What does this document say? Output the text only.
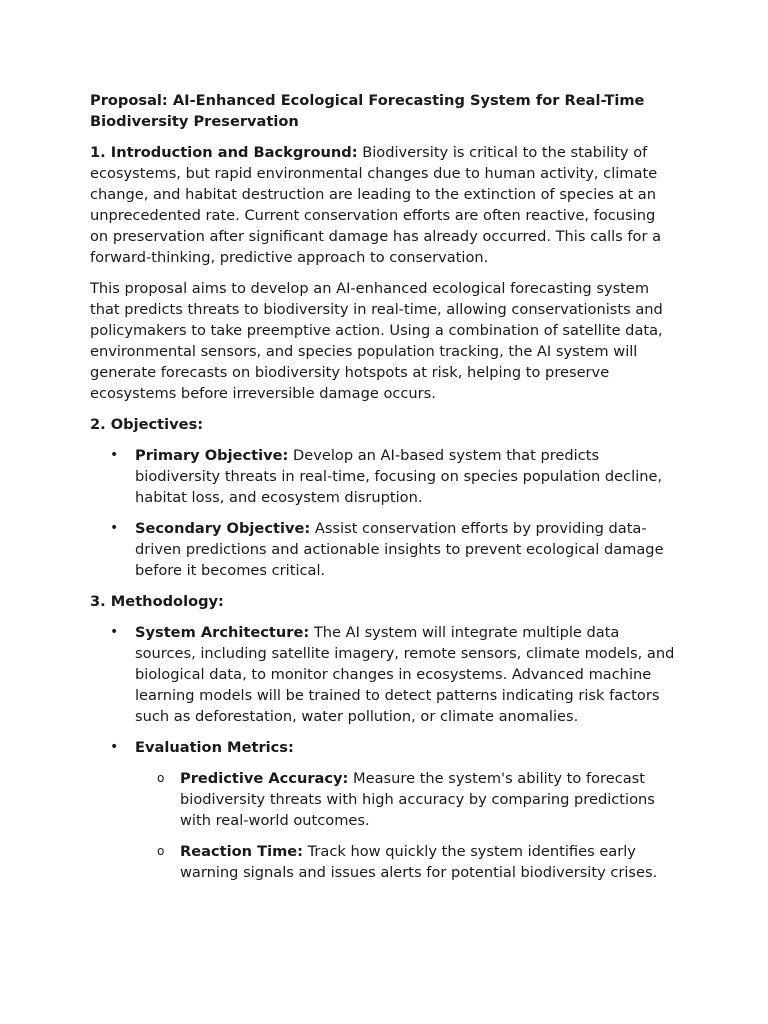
Proposal: AI-Enhanced Ecological Forecasting System for Real-Time Biodiversity Preservation

1. Introduction and Background: Biodiversity is critical to the stability of ecosystems, but rapid environmental changes due to human activity, climate change, and habitat destruction are leading to the extinction of species at an unprecedented rate. Current conservation efforts are often reactive, focusing on preservation after significant damage has already occurred. This calls for a forward-thinking, predictive approach to conservation.

This proposal aims to develop an AI-enhanced ecological forecasting system that predicts threats to biodiversity in real-time, allowing conservationists and policymakers to take preemptive action. Using a combination of satellite data, environmental sensors, and species population tracking, the AI system will generate forecasts on biodiversity hotspots at risk, helping to preserve ecosystems before irreversible damage occurs.

2. Objectives:

• Primary Objective: Develop an AI-based system that predicts biodiversity threats in real-time, focusing on species population decline, habitat loss, and ecosystem disruption.
• Secondary Objective: Assist conservation efforts by providing data-driven predictions and actionable insights to prevent ecological damage before it becomes critical.

3. Methodology:

• System Architecture: The AI system will integrate multiple data sources, including satellite imagery, remote sensors, climate models, and biological data, to monitor changes in ecosystems. Advanced machine learning models will be trained to detect patterns indicating risk factors such as deforestation, water pollution, or climate anomalies.
• Evaluation Metrics:
o Predictive Accuracy: Measure the system's ability to forecast biodiversity threats with high accuracy by comparing predictions with real-world outcomes.
o Reaction Time: Track how quickly the system identifies early warning signals and issues alerts for potential biodiversity crises.
